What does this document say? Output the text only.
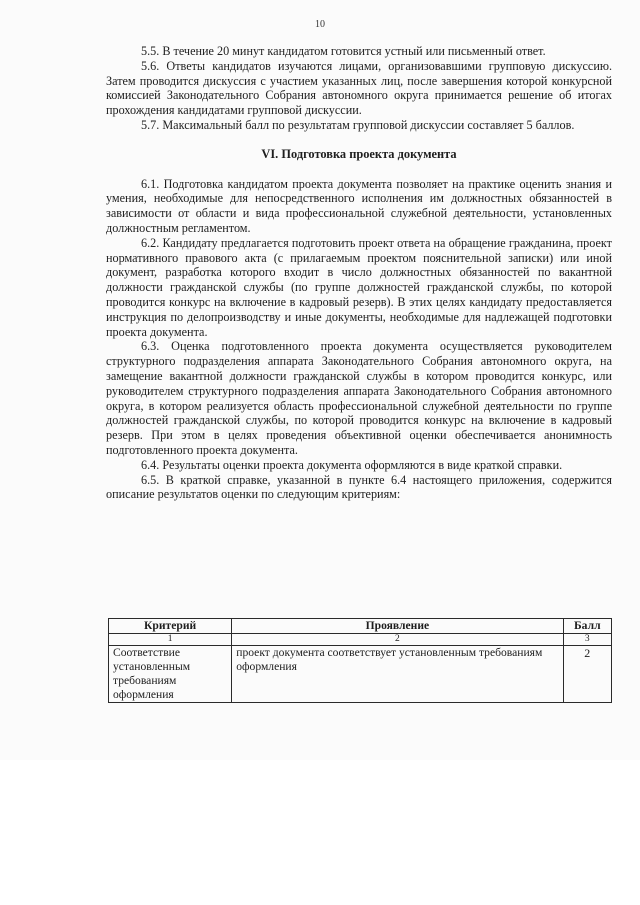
10

5.5. В течение 20 минут кандидатом готовится устный или письменный ответ.

5.6. Ответы кандидатов изучаются лицами, организовавшими групповую дискуссию. Затем проводится дискуссия с участием указанных лиц, после завершения которой конкурсной комиссией Законодательного Собрания автономного округа принимается решение об итогах прохождения кандидатами групповой дискуссии.

5.7. Максимальный балл по результатам групповой дискуссии составляет 5 баллов.

VI. Подготовка проекта документа

6.1. Подготовка кандидатом проекта документа позволяет на практике оценить знания и умения, необходимые для непосредственного исполнения им должностных обязанностей в зависимости от области и вида профессиональной служебной деятельности, установленных должностным регламентом.

6.2. Кандидату предлагается подготовить проект ответа на обращение гражданина, проект нормативного правового акта (с прилагаемым проектом пояснительной записки) или иной документ, разработка которого входит в число должностных обязанностей по вакантной должности гражданской службы (по группе должностей гражданской службы, по которой проводится конкурс на включение в кадровый резерв). В этих целях кандидату предоставляется инструкция по делопроизводству и иные документы, необходимые для надлежащей подготовки проекта документа.

6.3. Оценка подготовленного проекта документа осуществляется руководителем структурного подразделения аппарата Законодательного Собрания автономного округа, на замещение вакантной должности гражданской службы в котором проводится конкурс, или руководителем структурного подразделения аппарата Законодательного Собрания автономного округа, в котором реализуется область профессиональной служебной деятельности по группе должностей гражданской службы, по которой проводится конкурс на включение в кадровый резерв. При этом в целях проведения объективной оценки обеспечивается анонимность подготовленного проекта документа.

6.4. Результаты оценки проекта документа оформляются в виде краткой справки.

6.5. В краткой справке, указанной в пункте 6.4 настоящего приложения, содержится описание результатов оценки по следующим критериям:

Критерий	Проявление	Балл
1	2	3
Соответствие установленным требованиям оформления	проект документа соответствует установленным требованиям оформления	2
